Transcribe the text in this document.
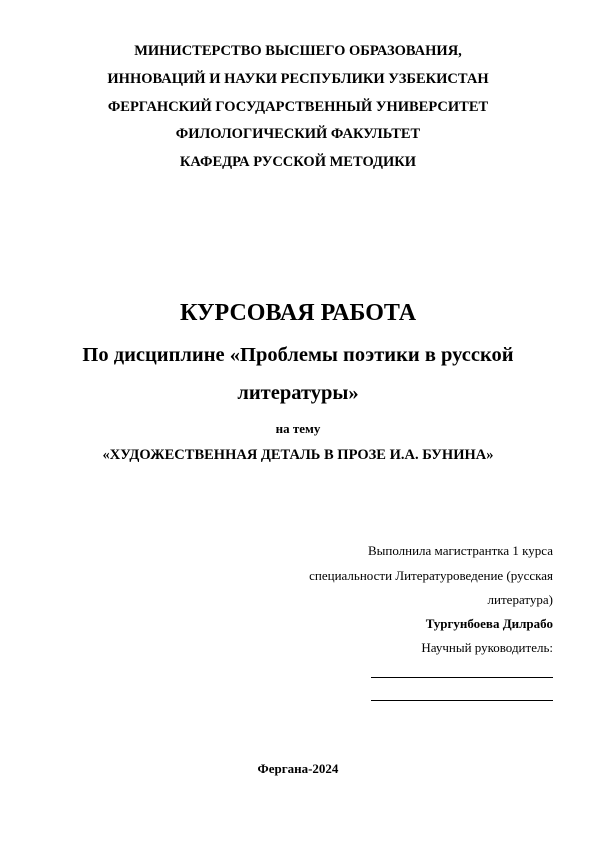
МИНИСТЕРСТВО ВЫСШЕГО ОБРАЗОВАНИЯ,
ИННОВАЦИЙ И НАУКИ РЕСПУБЛИКИ УЗБЕКИСТАН
ФЕРГАНСКИЙ ГОСУДАРСТВЕННЫЙ УНИВЕРСИТЕТ
ФИЛОЛОГИЧЕСКИЙ ФАКУЛЬТЕТ
КАФЕДРА РУССКОЙ МЕТОДИКИ
КУРСОВАЯ РАБОТА
По дисциплине «Проблемы поэтики в русской
литературы»
на тему
«ХУДОЖЕСТВЕННАЯ ДЕТАЛЬ В ПРОЗЕ И.А. БУНИНА»
Выполнила магистрантка 1 курса
специальности Литературоведение (русская
литература)
Тургунбоева Дилрабо
Научный руководитель:
Фергана-2024
